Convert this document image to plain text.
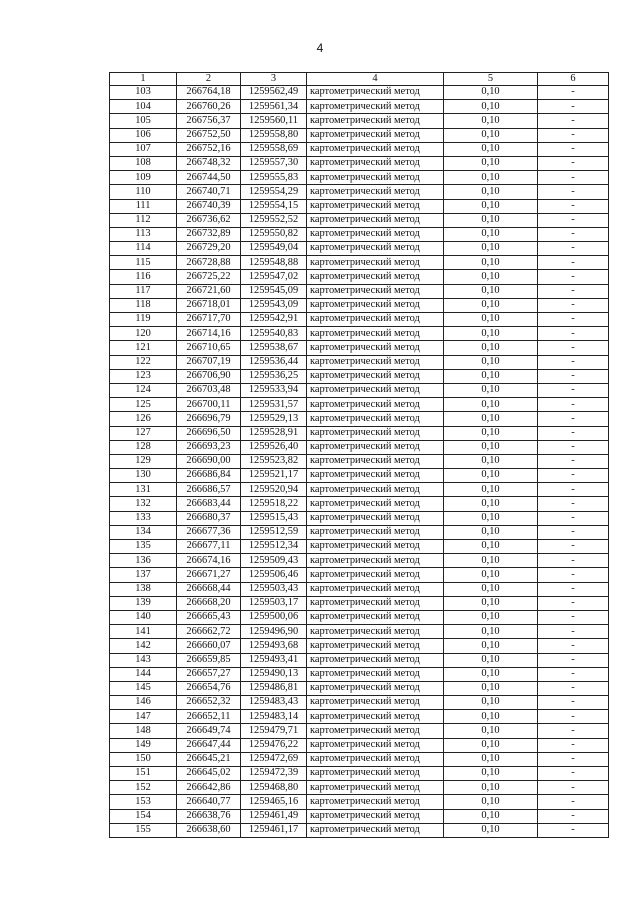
4
1	2	3	4	5	6
103	266764,18	1259562,49	картометрический метод	0,10	-
104	266760,26	1259561,34	картометрический метод	0,10	-
105	266756,37	1259560,11	картометрический метод	0,10	-
106	266752,50	1259558,80	картометрический метод	0,10	-
107	266752,16	1259558,69	картометрический метод	0,10	-
108	266748,32	1259557,30	картометрический метод	0,10	-
109	266744,50	1259555,83	картометрический метод	0,10	-
110	266740,71	1259554,29	картометрический метод	0,10	-
111	266740,39	1259554,15	картометрический метод	0,10	-
112	266736,62	1259552,52	картометрический метод	0,10	-
113	266732,89	1259550,82	картометрический метод	0,10	-
114	266729,20	1259549,04	картометрический метод	0,10	-
115	266728,88	1259548,88	картометрический метод	0,10	-
116	266725,22	1259547,02	картометрический метод	0,10	-
117	266721,60	1259545,09	картометрический метод	0,10	-
118	266718,01	1259543,09	картометрический метод	0,10	-
119	266717,70	1259542,91	картометрический метод	0,10	-
120	266714,16	1259540,83	картометрический метод	0,10	-
121	266710,65	1259538,67	картометрический метод	0,10	-
122	266707,19	1259536,44	картометрический метод	0,10	-
123	266706,90	1259536,25	картометрический метод	0,10	-
124	266703,48	1259533,94	картометрический метод	0,10	-
125	266700,11	1259531,57	картометрический метод	0,10	-
126	266696,79	1259529,13	картометрический метод	0,10	-
127	266696,50	1259528,91	картометрический метод	0,10	-
128	266693,23	1259526,40	картометрический метод	0,10	-
129	266690,00	1259523,82	картометрический метод	0,10	-
130	266686,84	1259521,17	картометрический метод	0,10	-
131	266686,57	1259520,94	картометрический метод	0,10	-
132	266683,44	1259518,22	картометрический метод	0,10	-
133	266680,37	1259515,43	картометрический метод	0,10	-
134	266677,36	1259512,59	картометрический метод	0,10	-
135	266677,11	1259512,34	картометрический метод	0,10	-
136	266674,16	1259509,43	картометрический метод	0,10	-
137	266671,27	1259506,46	картометрический метод	0,10	-
138	266668,44	1259503,43	картометрический метод	0,10	-
139	266668,20	1259503,17	картометрический метод	0,10	-
140	266665,43	1259500,06	картометрический метод	0,10	-
141	266662,72	1259496,90	картометрический метод	0,10	-
142	266660,07	1259493,68	картометрический метод	0,10	-
143	266659,85	1259493,41	картометрический метод	0,10	-
144	266657,27	1259490,13	картометрический метод	0,10	-
145	266654,76	1259486,81	картометрический метод	0,10	-
146	266652,32	1259483,43	картометрический метод	0,10	-
147	266652,11	1259483,14	картометрический метод	0,10	-
148	266649,74	1259479,71	картометрический метод	0,10	-
149	266647,44	1259476,22	картометрический метод	0,10	-
150	266645,21	1259472,69	картометрический метод	0,10	-
151	266645,02	1259472,39	картометрический метод	0,10	-
152	266642,86	1259468,80	картометрический метод	0,10	-
153	266640,77	1259465,16	картометрический метод	0,10	-
154	266638,76	1259461,49	картометрический метод	0,10	-
155	266638,60	1259461,17	картометрический метод	0,10	-
